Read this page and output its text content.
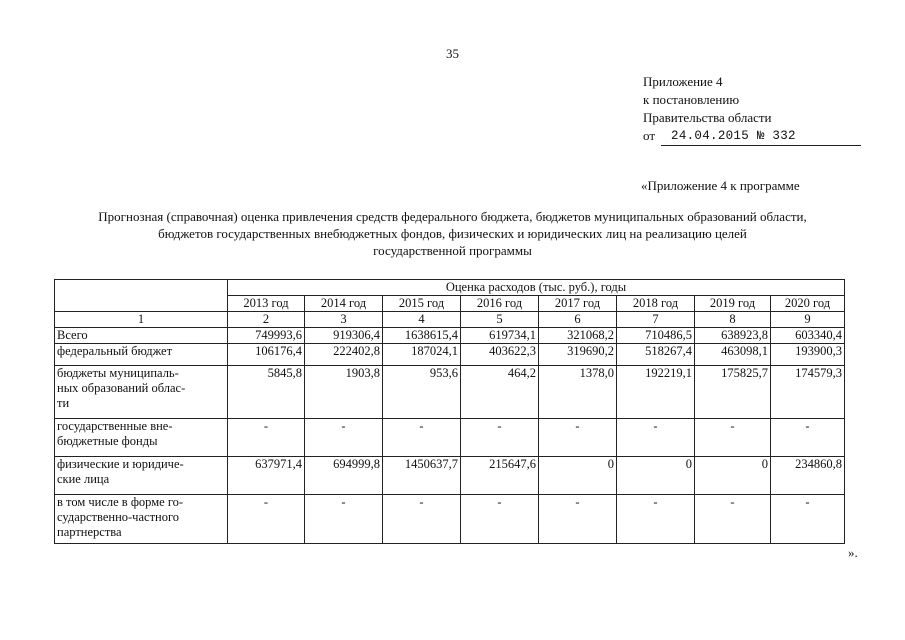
35
Приложение 4
к постановлению
Правительства области
от	24.04.2015 № 332
«Приложение 4 к программе
Прогнозная (справочная) оценка привлечения средств федерального бюджета, бюджетов муниципальных образований области,
бюджетов государственных внебюджетных фондов, физических и юридических лиц на реализацию целей
государственной программы
	Оценка расходов (тыс. руб.), годы							
	2013 год	2014 год	2015 год	2016 год	2017 год	2018 год	2019 год	2020 год
1	2	3	4	5	6	7	8	9

Всего	749993,6	919306,4	1638615,4	619734,1	321068,2	710486,5	638923,8	603340,4

федеральный бюджет	106176,4	222402,8	187024,1	403622,3	319690,2	518267,4	463098,1	193900,3

бюджеты муниципаль-
ных образований облас-
ти	5845,8	1903,8	953,6	464,2	1378,0	192219,1	175825,7	174579,3

государственные вне-
бюджетные фонды	-	-	-	-	-	-	-	-

физические и юридиче-
ские лица	637971,4	694999,8	1450637,7	215647,6	0	0	0	234860,8

в том числе в форме го-
сударственно-частного
партнерства	-	-	-	-	-	-	-	-
».
